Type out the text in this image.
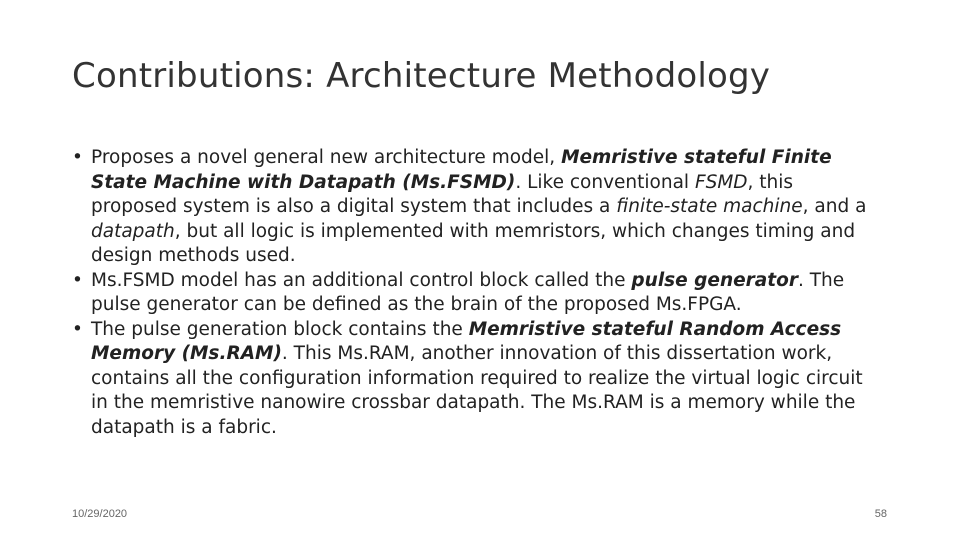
Contributions: Architecture Methodology
• Proposes a novel general new architecture model, Memristive stateful Finite State Machine with Datapath (Ms.FSMD). Like conventional FSMD, this proposed system is also a digital system that includes a finite-state machine, and a datapath, but all logic is implemented with memristors, which changes timing and design methods used.
• Ms.FSMD model has an additional control block called the pulse generator. The pulse generator can be defined as the brain of the proposed Ms.FPGA.
• The pulse generation block contains the Memristive stateful Random Access Memory (Ms.RAM). This Ms.RAM, another innovation of this dissertation work, contains all the configuration information required to realize the virtual logic circuit in the memristive nanowire crossbar datapath. The Ms.RAM is a memory while the datapath is a fabric.
10/29/2020	58
